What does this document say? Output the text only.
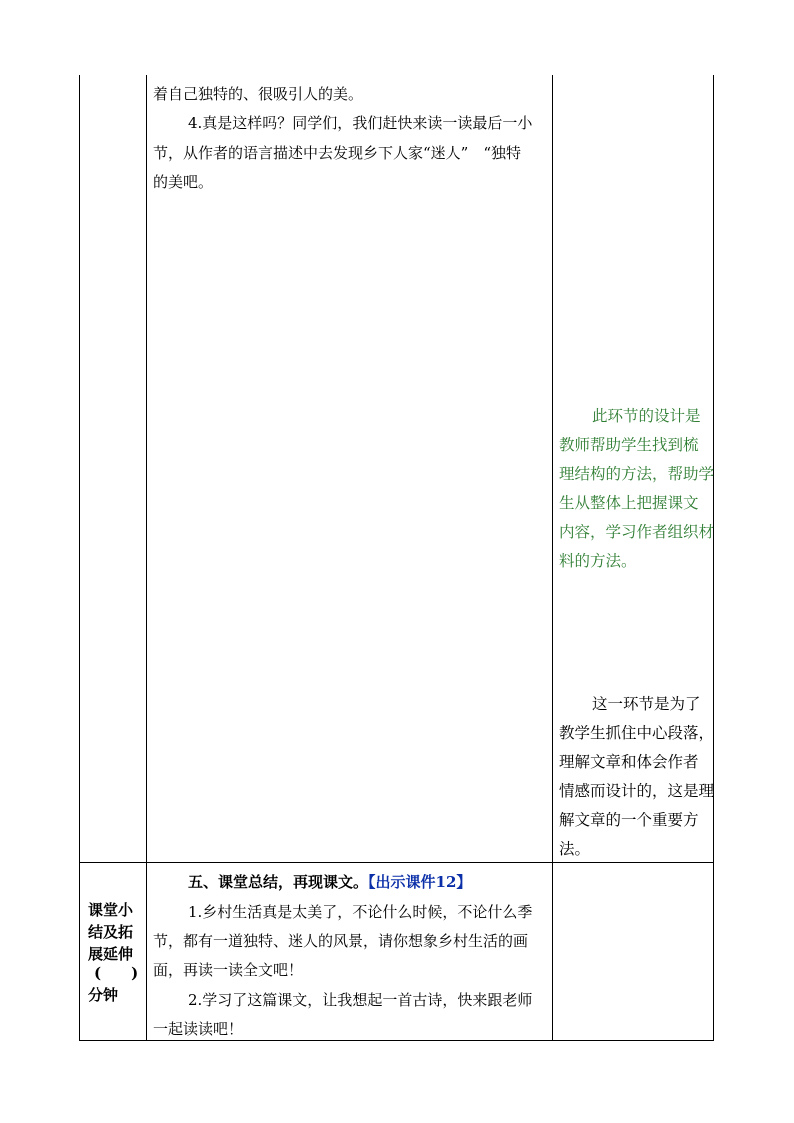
着自己独特的、很吸引人的美。

4.真是这样吗？同学们，我们赶快来读一读最后一小

节，从作者的语言描述中去发现乡下人家“迷人”　“独特

的美吧。

此环节的设计是

教师帮助学生找到梳

理结构的方法，帮助学

生从整体上把握课文

内容，学习作者组织材

料的方法。

这一环节是为了

教学生抓住中心段落，

理解文章和体会作者

情感而设计的，这是理

解文章的一个重要方

法。

课堂小

结及拓

展延伸

(　　)

分钟

五、课堂总结，再现课文。【出示课件12】

1.乡村生活真是太美了，不论什么时候，不论什么季

节，都有一道独特、迷人的风景，请你想象乡村生活的画

面，再读一读全文吧！

2.学习了这篇课文，让我想起一首古诗，快来跟老师

一起读读吧！
